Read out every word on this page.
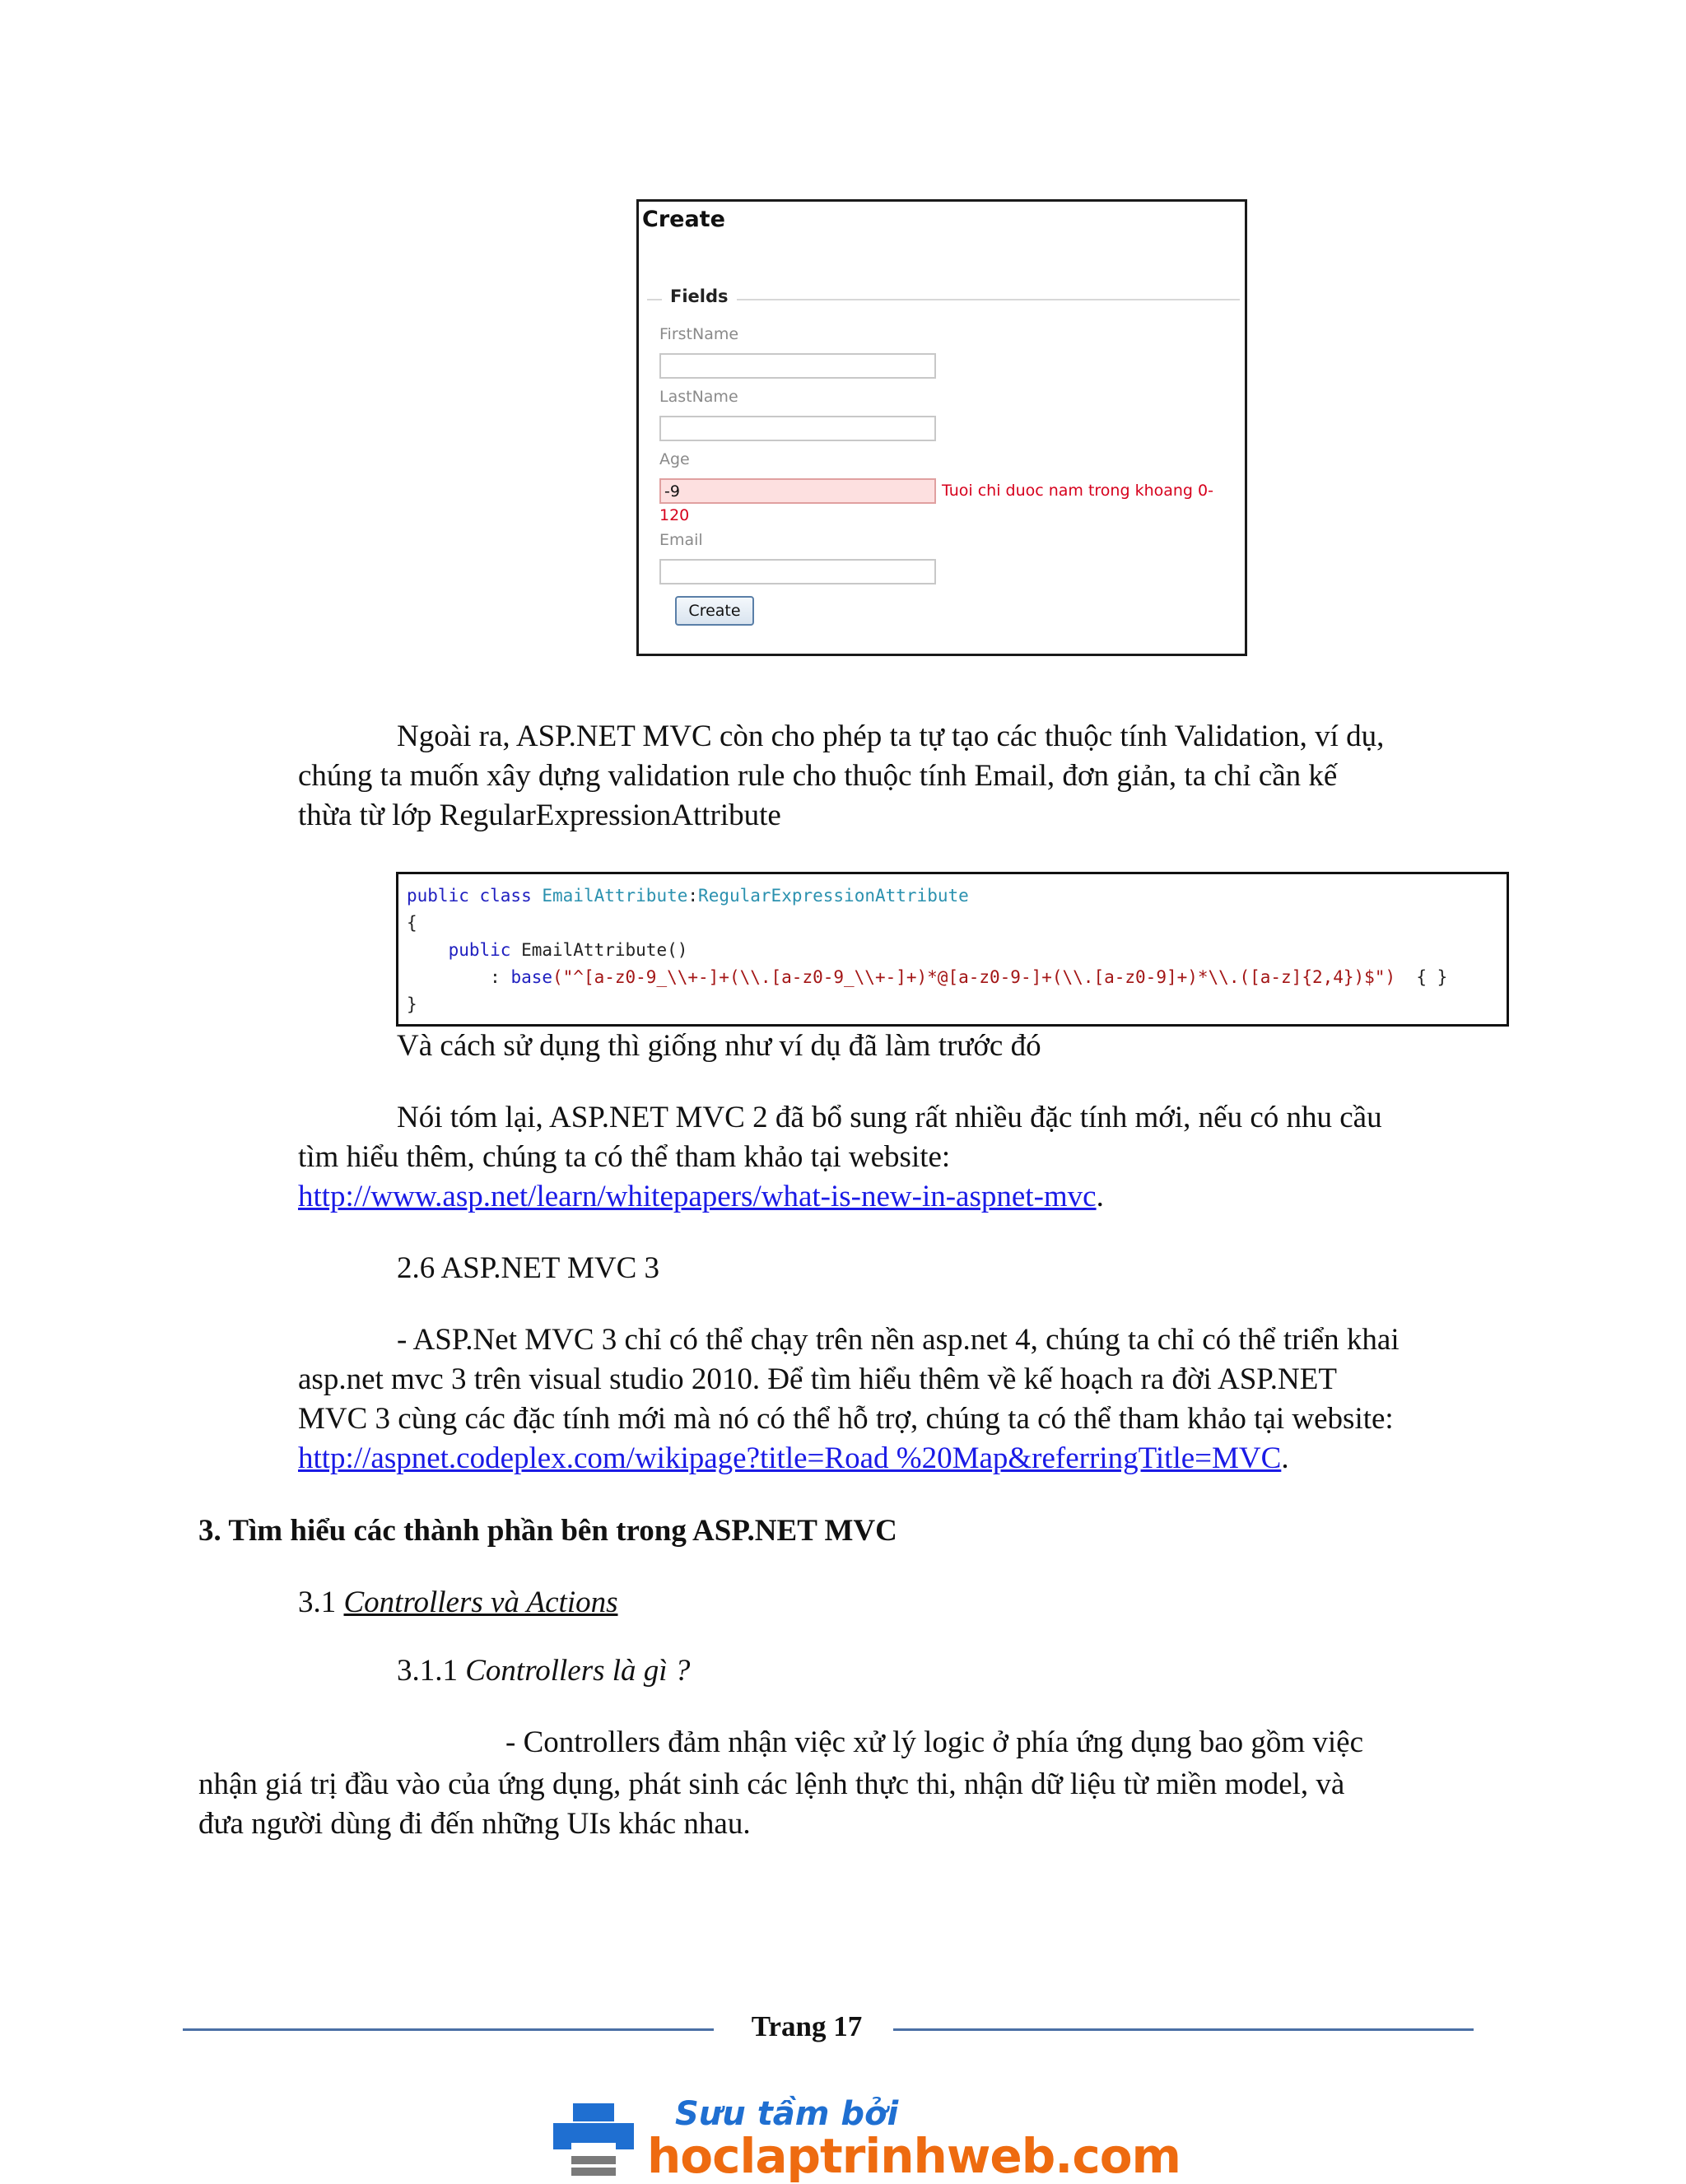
Create
Fields
FirstName
LastName
Age
-9	Tuoi chi duoc nam trong khoang 0-
120
Email
Create
Ngoài ra, ASP.NET MVC còn cho phép ta tự tạo các thuộc tính Validation, ví dụ,

chúng ta muốn xây dựng validation rule cho thuộc tính Email, đơn giản, ta chỉ cần kế

thừa từ lớp RegularExpressionAttribute

public class EmailAttribute:RegularExpressionAttribute
{
public EmailAttribute()
: base("^[a-z0-9_\\+-]+(\\.[a-z0-9_\\+-]+)*@[a-z0-9-]+(\\.[a-z0-9]+)*\\.([a-z]{2,4})$")  { }
}
Và cách sử dụng thì giống như ví dụ đã làm trước đó
Nói tóm lại, ASP.NET MVC 2 đã bổ sung rất nhiều đặc tính mới, nếu có nhu cầu

tìm hiểu thêm, chúng ta có thể tham khảo tại website:

http://www.asp.net/learn/whitepapers/what-is-new-in-aspnet-mvc.

2.6 ASP.NET MVC 3
- ASP.Net MVC 3 chỉ có thể chạy trên nền asp.net 4, chúng ta chỉ có thể triển khai

asp.net mvc 3 trên visual studio 2010. Để tìm hiểu thêm về kế hoạch ra đời ASP.NET

MVC 3 cùng các đặc tính mới mà nó có thể hỗ trợ, chúng ta có thể tham khảo tại website:

http://aspnet.codeplex.com/wikipage?title=Road %20Map&referringTitle=MVC.

3. Tìm hiểu các thành phần bên trong ASP.NET MVC
3.1 Controllers và Actions
3.1.1 Controllers là gì ?
- Controllers đảm nhận việc xử lý logic ở phía ứng dụng bao gồm việc

nhận giá trị đầu vào của ứng dụng, phát sinh các lệnh thực thi, nhận dữ liệu từ miền model, và

đưa người dùng đi đến những UIs khác nhau.

Trang 17
Sưu tầm bởi
hoclaptrinhweb.com
